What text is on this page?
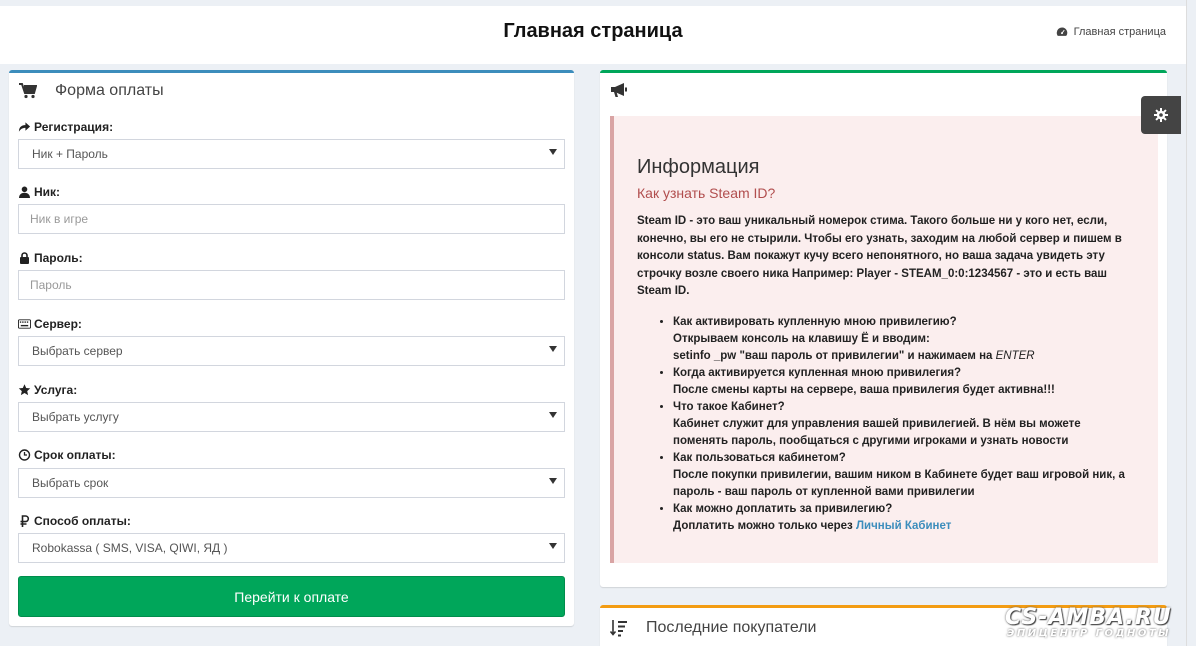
Главная страница	Главная страница
Форма оплаты
Регистрация:
Ник + Пароль
Ник:
Ник в игре
Пароль:
Сервер:
Выбрать сервер
Услуга:
Выбрать услугу
Срок оплаты:
Выбрать срок
Способ оплаты:
Robokassa ( SMS, VISA, QIWI, ЯД )
Перейти к оплате
Информация
Как узнать Steam ID?

Steam ID - это ваш уникальный номерок стима. Такого больше ни у кого нет, если, конечно, вы его не стырили. Чтобы его узнать, заходим на любой сервер и пишем в консоли status. Вам покажут кучу всего непонятного, но ваша задача увидеть эту строчку возле своего ника Например: Player - STEAM_0:0:1234567 - это и есть ваш Steam ID.

• Как активировать купленную мною привилегию?
Открываем консоль на клавишу Ё и вводим:
setinfo _pw "ваш пароль от привилегии" и нажимаем на ENTER
• Когда активируется купленная мною привилегия?
После смены карты на сервере, ваша привилегия будет активна!!!
• Что такое Кабинет?
Кабинет служит для управления вашей привилегией. В нём вы можете поменять пароль, пообщаться с другими игроками и узнать новости
• Как пользоваться кабинетом?
После покупки привилегии, вашим ником в Кабинете будет ваш игровой ник, а пароль - ваш пароль от купленной вами привилегии
• Как можно доплатить за привилегию?
Доплатить можно только через Личный Кабинет
Последние покупатели	CS-AMBA.RU
ЭПИЦЕНТР ГОДНОТЫ
